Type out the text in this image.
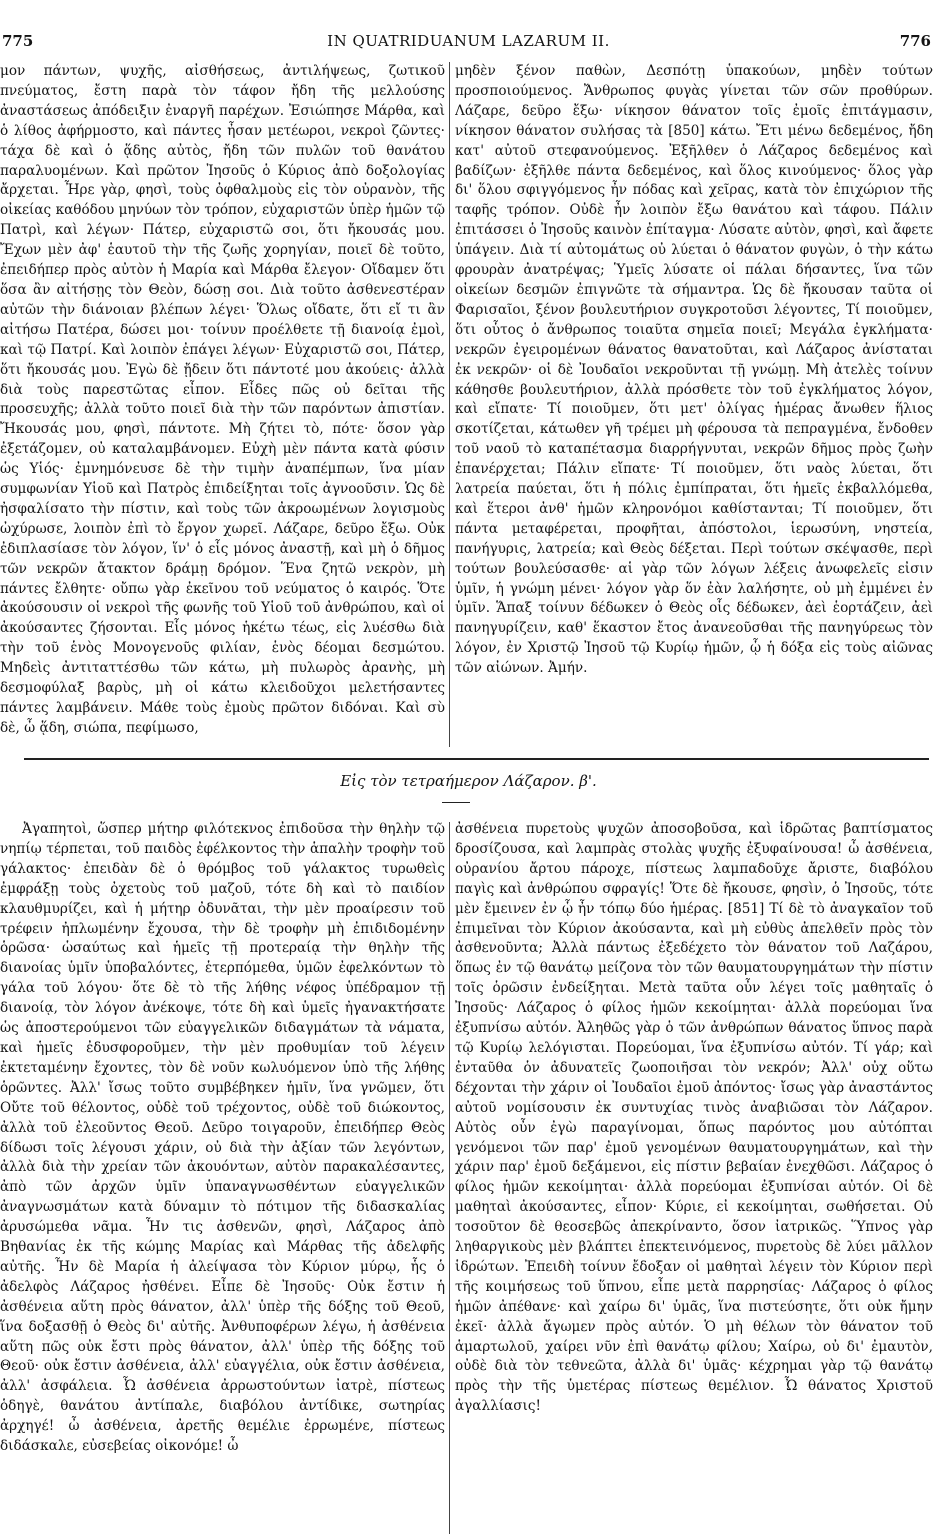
775	IN QUATRIDUANUM LAZARUM II.	776

μον πάντων, ψυχῆς, αἰσθήσεως, ἀντιλήψεως, ζωτικοῦ πνεύματος, ἔστη παρὰ τὸν τάφον ἤδη τῆς μελλούσης ἀναστάσεως ἀπόδειξιν ἐναργῆ παρέχων. Ἐσιώπησε Μάρθα, καὶ ὁ λίθος ἀφήρμοστο, καὶ πάντες ἦσαν μετέωροι, νεκροὶ ζῶντες· τάχα δὲ καὶ ὁ ᾅδης αὐτὸς, ἤδη τῶν πυλῶν τοῦ θανάτου παραλυομένων. Καὶ πρῶτον Ἰησοῦς ὁ Κύριος ἀπὸ δοξολογίας ἄρχεται. Ἦρε γὰρ, φησὶ, τοὺς ὀφθαλμοὺς εἰς τὸν οὐρανὸν, τῆς οἰκείας καθόδου μηνύων τὸν τρόπον, εὐχαριστῶν ὑπὲρ ἡμῶν τῷ Πατρὶ, καὶ λέγων· Πάτερ, εὐχαριστῶ σοι, ὅτι ἤκουσάς μου. Ἔχων μὲν ἀφ' ἑαυτοῦ τὴν τῆς ζωῆς χορηγίαν, ποιεῖ δὲ τοῦτο, ἐπειδήπερ πρὸς αὐτὸν ἡ Μαρία καὶ Μάρθα ἔλεγον· Οἴδαμεν ὅτι ὅσα ἂν αἰτήσῃς τὸν Θεὸν, δώσῃ σοι. Διὰ τοῦτο ἀσθενεστέραν αὐτῶν τὴν διάνοιαν βλέπων λέγει· Ὅλως οἴδατε, ὅτι εἴ τι ἂν αἰτήσω Πατέρα, δώσει μοι· τοίνυν προέλθετε τῇ διανοίᾳ ἐμοὶ, καὶ τῷ Πατρί. Καὶ λοιπὸν ἐπάγει λέγων· Εὐχαριστῶ σοι, Πάτερ, ὅτι ἤκουσάς μου. Ἐγὼ δὲ ᾔδειν ὅτι πάντοτέ μου ἀκούεις· ἀλλὰ διὰ τοὺς παρεστῶτας εἶπον. Εἶδες πῶς οὐ δεῖται τῆς προσευχῆς; ἀλλὰ τοῦτο ποιεῖ διὰ τὴν τῶν παρόντων ἀπιστίαν. Ἤκουσάς μου, φησὶ, πάντοτε. Μὴ ζήτει τὸ, πότε· ὅσον γὰρ ἐξετάζομεν, οὐ καταλαμβάνομεν. Εὐχὴ μὲν πάντα κατὰ φύσιν ὡς Υἱός· ἐμνημόνευσε δὲ τὴν τιμὴν ἀναπέμπων, ἵνα μίαν συμφωνίαν Υἱοῦ καὶ Πατρὸς ἐπιδείξηται τοῖς ἀγνοοῦσιν. Ὡς δὲ ἠσφαλίσατο τὴν πίστιν, καὶ τοὺς τῶν ἀκροωμένων λογισμοὺς ὠχύρωσε, λοιπὸν ἐπὶ τὸ ἔργον χωρεῖ. Λάζαρε, δεῦρο ἔξω. Οὐκ ἐδιπλασίασε τὸν λόγον, ἵν' ὁ εἷς μόνος ἀναστῇ, καὶ μὴ ὁ δῆμος τῶν νεκρῶν ἄτακτον δράμῃ δρόμον. Ἕνα ζητῶ νεκρὸν, μὴ πάντες ἔλθητε· οὔπω γὰρ ἐκεῖνου τοῦ νεύματος ὁ καιρός. Ὅτε ἀκούσουσιν οἱ νεκροὶ τῆς φωνῆς τοῦ Υἱοῦ τοῦ ἀνθρώπου, καὶ οἱ ἀκούσαντες ζήσονται. Εἷς μόνος ἡκέτω τέως, εἰς λυέσθω διὰ τὴν τοῦ ἑνὸς Μονογενοῦς φιλίαν, ἑνὸς δέομαι δεσμώτου. Μηδεὶς ἀντιταττέσθω τῶν κάτω, μὴ πυλωρὸς ἀρανὴς, μὴ δεσμοφύλαξ βαρὺς, μὴ οἱ κάτω κλειδοῦχοι μελετήσαντες πάντες λαμβάνειν. Μάθε τοὺς ἐμοὺς πρῶτον διδόναι. Καὶ σὺ δὲ, ὦ ᾅδη, σιώπα, πεφίμωσο,

μηδὲν ξένον παθὼν, Δεσπότῃ ὑπακούων, μηδὲν τούτων προσποιούμενος. Ἄνθρωπος φυγὰς γίνεται τῶν σῶν προθύρων. Λάζαρε, δεῦρο ἔξω· νίκησον θάνατον τοῖς ἐμοῖς ἐπιτάγμασιν, νίκησον θάνατον συλήσας τὰ [850] κάτω. Ἔτι μένω δεδεμένος, ἤδη κατ' αὐτοῦ στεφανούμενος. Ἐξῆλθεν ὁ Λάζαρος δεδεμένος καὶ βαδίζων· ἐξῆλθε πάντα δεδεμένος, καὶ ὅλος κινούμενος· ὅλος γὰρ δι' ὅλου σφιγγόμενος ἦν πόδας καὶ χεῖρας, κατὰ τὸν ἐπιχώριον τῆς ταφῆς τρόπον. Οὐδὲ ἦν λοιπὸν ἔξω θανάτου καὶ τάφου. Πάλιν ἐπιτάσσει ὁ Ἰησοῦς καινὸν ἐπίταγμα· Λύσατε αὐτὸν, φησὶ, καὶ ἄφετε ὑπάγειν. Διὰ τί αὐτομάτως οὐ λύεται ὁ θάνατον φυγὼν, ὁ τὴν κάτω φρουρὰν ἀνατρέψας; Ὑμεῖς λύσατε οἱ πάλαι δήσαντες, ἵνα τῶν οἰκείων δεσμῶν ἐπιγνῶτε τὰ σήμαντρα. Ὡς δὲ ἤκουσαν ταῦτα οἱ Φαρισαῖοι, ξένον βουλευτήριον συγκροτοῦσι λέγοντες, Τί ποιοῦμεν, ὅτι οὗτος ὁ ἄνθρωπος τοιαῦτα σημεῖα ποιεῖ; Μεγάλα ἐγκλήματα· νεκρῶν ἐγειρομένων θάνατος θανατοῦται, καὶ Λάζαρος ἀνίσταται ἐκ νεκρῶν· οἱ δὲ Ἰουδαῖοι νεκροῦνται τῇ γνώμῃ. Μὴ ἀτελὲς τοίνυν κάθησθε βουλευτήριον, ἀλλὰ πρόσθετε τὸν τοῦ ἐγκλήματος λόγον, καὶ εἴπατε· Τί ποιοῦμεν, ὅτι μετ' ὀλίγας ἡμέρας ἄνωθεν ἥλιος σκοτίζεται, κάτωθεν γῆ τρέμει μὴ φέρουσα τὰ πεπραγμένα, ἔνδοθεν τοῦ ναοῦ τὸ καταπέτασμα διαρρήγνυται, νεκρῶν δῆμος πρὸς ζωὴν ἐπανέρχεται; Πάλιν εἴπατε· Τί ποιοῦμεν, ὅτι ναὸς λύεται, ὅτι λατρεία παύεται, ὅτι ἡ πόλις ἐμπίπραται, ὅτι ἡμεῖς ἐκβαλλόμεθα, καὶ ἕτεροι ἀνθ' ἡμῶν κληρονόμοι καθίστανται; Τί ποιοῦμεν, ὅτι πάντα μεταφέρεται, προφῆται, ἀπόστολοι, ἱερωσύνη, νηστεία, πανήγυρις, λατρεία; καὶ Θεὸς δέξεται. Περὶ τούτων σκέψασθε, περὶ τούτων βουλεύσασθε· αἱ γὰρ τῶν λόγων λέξεις ἀνωφελεῖς εἰσιν ὑμῖν, ἡ γνώμη μένει· λόγον γὰρ ὅν ἐὰν λαλήσητε, οὐ μὴ ἐμμένει ἐν ὑμῖν. Ἅπαξ τοίνυν δέδωκεν ὁ Θεὸς οἷς δέδωκεν, ἀεὶ ἑορτάζειν, ἀεὶ πανηγυρίζειν, καθ' ἕκαστον ἔτος ἀνανεοῦσθαι τῆς πανηγύρεως τὸν λόγον, ἐν Χριστῷ Ἰησοῦ τῷ Κυρίῳ ἡμῶν, ᾧ ἡ δόξα εἰς τοὺς αἰῶνας τῶν αἰώνων. Ἀμήν.

Εἰς τὸν τετραήμερον Λάζαρον. β'.

Ἀγαπητοὶ, ὥσπερ μήτηρ φιλότεκνος ἐπιδοῦσα τὴν θηλὴν τῷ νηπίῳ τέρπεται, τοῦ παιδὸς ἐφέλκοντος τὴν ἁπαλὴν τροφὴν τοῦ γάλακτος· ἐπειδὰν δὲ ὁ θρόμβος τοῦ γάλακτος τυρωθεὶς ἐμφράξῃ τοὺς ὀχετοὺς τοῦ μαζοῦ, τότε δὴ καὶ τὸ παιδίον κλαυθμυρίζει, καὶ ἡ μήτηρ ὀδυνᾶται, τὴν μὲν προαίρεσιν τοῦ τρέφειν ἠπλωμένην ἔχουσα, τὴν δὲ τροφὴν μὴ ἐπιδιδομένην ὁρῶσα· ὡσαύτως καὶ ἡμεῖς τῇ προτεραίᾳ τὴν θηλὴν τῆς διανοίας ὑμῖν ὑποβαλόντες, ἑτερπόμεθα, ὑμῶν ἐφελκόντων τὸ γάλα τοῦ λόγου· ὅτε δὲ τὸ τῆς λήθης νέφος ὑπέδραμον τῇ διανοίᾳ, τὸν λόγον ἀνέκοψε, τότε δὴ καὶ ὑμεῖς ἠγανακτήσατε ὡς ἀποστερούμενοι τῶν εὐαγγελικῶν διδαγμάτων τὰ νάματα, καὶ ἡμεῖς ἐδυσφοροῦμεν, τὴν μὲν προθυμίαν τοῦ λέγειν ἐκτεταμένην ἔχοντες, τὸν δὲ νοῦν κωλυόμενον ὑπὸ τῆς λήθης ὁρῶντες. Ἀλλ' ἴσως τοῦτο συμβέβηκεν ἡμῖν, ἵνα γνῶμεν, ὅτι Οὔτε τοῦ θέλοντος, οὐδὲ τοῦ τρέχοντος, οὐδὲ τοῦ διώκοντος, ἀλλὰ τοῦ ἐλεοῦντος Θεοῦ. Δεῦρο τοιγαροῦν, ἐπειδήπερ Θεὸς δίδωσι τοῖς λέγουσι χάριν, οὐ διὰ τὴν ἀξίαν τῶν λεγόντων, ἀλλὰ διὰ τὴν χρείαν τῶν ἀκουόντων, αὐτὸν παρακαλέσαντες, ἀπὸ τῶν ἀρχῶν ὑμῖν ὑπαναγνωσθέντων εὐαγγελικῶν ἀναγνωσμάτων κατὰ δύναμιν τὸ πότιμον τῆς διδασκαλίας ἀρυσώμεθα νᾶμα. Ἦν τις ἀσθενῶν, φησὶ, Λάζαρος ἀπὸ Βηθανίας ἐκ τῆς κώμης Μαρίας καὶ Μάρθας τῆς ἀδελφῆς αὐτῆς. Ἦν δὲ Μαρία ἡ ἀλείψασα τὸν Κύριον μύρῳ, ἧς ὁ ἀδελφὸς Λάζαρος ἠσθένει. Εἶπε δὲ Ἰησοῦς· Οὐκ ἔστιν ἡ ἀσθένεια αὕτη πρὸς θάνατον, ἀλλ' ὑπὲρ τῆς δόξης τοῦ Θεοῦ, ἵνα δοξασθῇ ὁ Θεὸς δι' αὐτῆς. Ἀνθυποφέρων λέγω, ἡ ἀσθένεια αὕτη πῶς οὐκ ἔστι πρὸς θάνατον, ἀλλ' ὑπὲρ τῆς δόξης τοῦ Θεοῦ· οὐκ ἔστιν ἀσθένεια, ἀλλ' εὐαγγέλια, οὐκ ἔστιν ἀσθένεια, ἀλλ' ἀσφάλεια. Ὦ ἀσθένεια ἀρρωστούντων ἰατρὲ, πίστεως ὁδηγὲ, θανάτου ἀντίπαλε, διαβόλου ἀντίδικε, σωτηρίας ἀρχηγέ! ὦ ἀσθένεια, ἀρετῆς θεμέλιε ἐρρωμένε, πίστεως διδάσκαλε, εὐσεβείας οἰκονόμε! ὦ

ἀσθένεια πυρετοὺς ψυχῶν ἀποσοβοῦσα, καὶ ἱδρῶτας βαπτίσματος δροσίζουσα, καὶ λαμπρὰς στολὰς ψυχῆς ἐξυφαίνουσα! ὦ ἀσθένεια, οὐρανίου ἄρτου πάροχε, πίστεως λαμπαδοῦχε ἄριστε, διαβόλου παγὶς καὶ ἀνθρώπου σφραγίς! Ὅτε δὲ ἤκουσε, φησὶν, ὁ Ἰησοῦς, τότε μὲν ἔμεινεν ἐν ᾧ ἦν τόπῳ δύο ἡμέρας. [851] Τί δὲ τὸ ἀναγκαῖον τοῦ ἐπιμεῖναι τὸν Κύριον ἀκούσαντα, καὶ μὴ εὐθὺς ἀπελθεῖν πρὸς τὸν ἀσθενοῦντα; Ἀλλὰ πάντως ἐξεδέχετο τὸν θάνατον τοῦ Λαζάρου, ὅπως ἐν τῷ θανάτῳ μείζονα τὸν τῶν θαυματουργημάτων τὴν πίστιν τοῖς ὁρῶσιν ἐνδείξηται. Μετὰ ταῦτα οὖν λέγει τοῖς μαθηταῖς ὁ Ἰησοῦς· Λάζαρος ὁ φίλος ἡμῶν κεκοίμηται· ἀλλὰ πορεύομαι ἵνα ἐξυπνίσω αὐτόν. Ἀληθῶς γὰρ ὁ τῶν ἀνθρώπων θάνατος ὕπνος παρὰ τῷ Κυρίῳ λελόγισται. Πορεύομαι, ἵνα ἐξυπνίσω αὐτόν. Τί γάρ; καὶ ἐνταῦθα ὁν ἀδυνατεῖς ζωοποιῆσαι τὸν νεκρόν; Ἀλλ' οὐχ οὕτω δέχονται τὴν χάριν οἱ Ἰουδαῖοι ἐμοῦ ἀπόντος· ἴσως γὰρ ἀναστάντος αὐτοῦ νομίσουσιν ἐκ συντυχίας τινὸς ἀναβιῶσαι τὸν Λάζαρον. Αὐτὸς οὖν ἐγὼ παραγίνομαι, ὅπως παρόντος μου αὐτόπται γενόμενοι τῶν παρ' ἐμοῦ γενομένων θαυματουργημάτων, καὶ τὴν χάριν παρ' ἐμοῦ δεξάμενοι, εἰς πίστιν βεβαίαν ἐνεχθῶσι. Λάζαρος ὁ φίλος ἡμῶν κεκοίμηται· ἀλλὰ πορεύομαι ἐξυπνίσαι αὐτόν. Οἱ δὲ μαθηταὶ ἀκούσαντες, εἶπον· Κύριε, εἰ κεκοίμηται, σωθήσεται. Οὐ τοσοῦτον δὲ θεοσεβῶς ἀπεκρίναντο, ὅσον ἰατρικῶς. Ὕπνος γὰρ ληθαργικοὺς μὲν βλάπτει ἐπεκτεινόμενος, πυρετοὺς δὲ λύει μᾶλλον ἱδρώτων. Ἐπειδὴ τοίνυν ἔδοξαν οἱ μαθηταὶ λέγειν τὸν Κύριον περὶ τῆς κοιμήσεως τοῦ ὕπνου, εἶπε μετὰ παρρησίας· Λάζαρος ὁ φίλος ἡμῶν ἀπέθανε· καὶ χαίρω δι' ὑμᾶς, ἵνα πιστεύσητε, ὅτι οὐκ ἤμην ἐκεῖ· ἀλλὰ ἄγωμεν πρὸς αὐτόν. Ὁ μὴ θέλων τὸν θάνατον τοῦ ἁμαρτωλοῦ, χαίρει νῦν ἐπὶ θανάτῳ φίλου; Χαίρω, οὐ δι' ἐμαυτὸν, οὐδὲ διὰ τὸν τεθνεῶτα, ἀλλὰ δι' ὑμᾶς· κέχρημαι γὰρ τῷ θανάτῳ πρὸς τὴν τῆς ὑμετέρας πίστεως θεμέλιον. Ὦ θάνατος Χριστοῦ ἀγαλλίασις!
